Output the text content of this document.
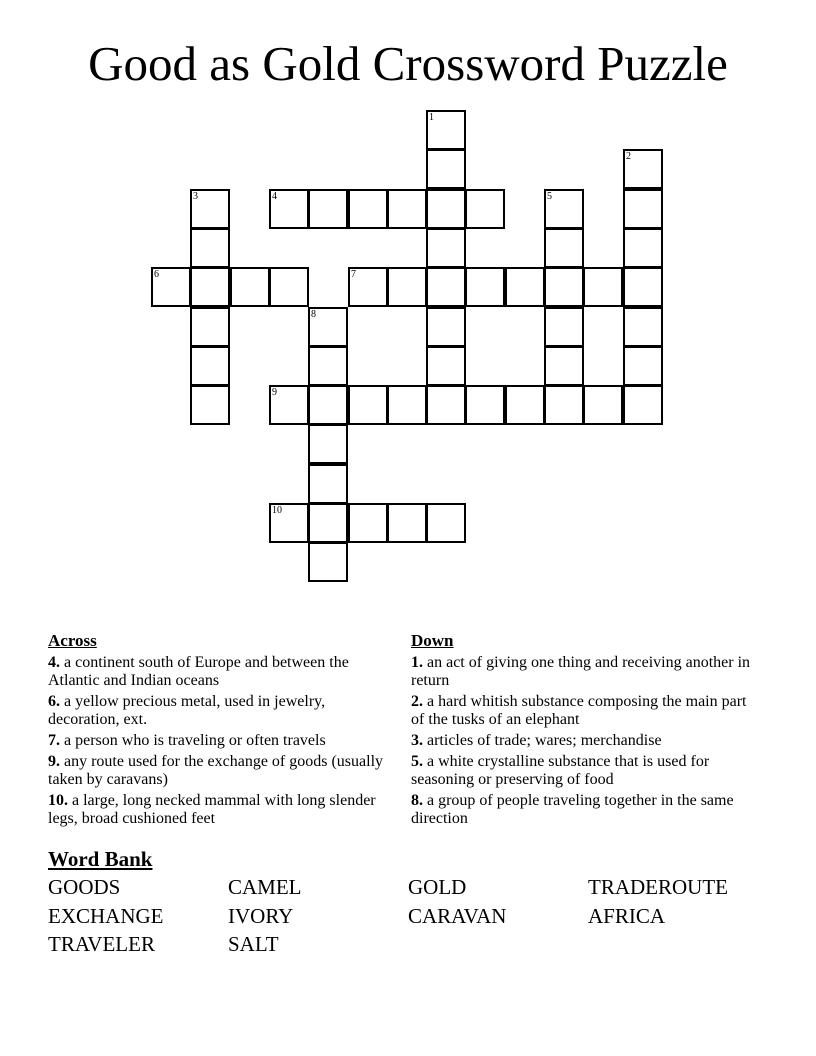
Good as Gold Crossword Puzzle
4
6	7
9
10
1
2
3	5
8
Across	Down
4. a continent south of Europe and between the Atlantic and Indian oceans
6. a yellow precious metal, used in jewelry, decoration, ext.
7. a person who is traveling or often travels
9. any route used for the exchange of goods (usually taken by caravans)
10. a large, long necked mammal with long slender legs, broad cushioned feet
1. an act of giving one thing and receiving another in return
2. a hard whitish substance composing the main part of the tusks of an elephant
3. articles of trade; wares; merchandise
5. a white crystalline substance that is used for seasoning or preserving of food
8. a group of people traveling together in the same direction
Word Bank
GOODS	CAMEL	GOLD	TRADEROUTE
EXCHANGE	IVORY	CARAVAN	AFRICA
TRAVELER	SALT
